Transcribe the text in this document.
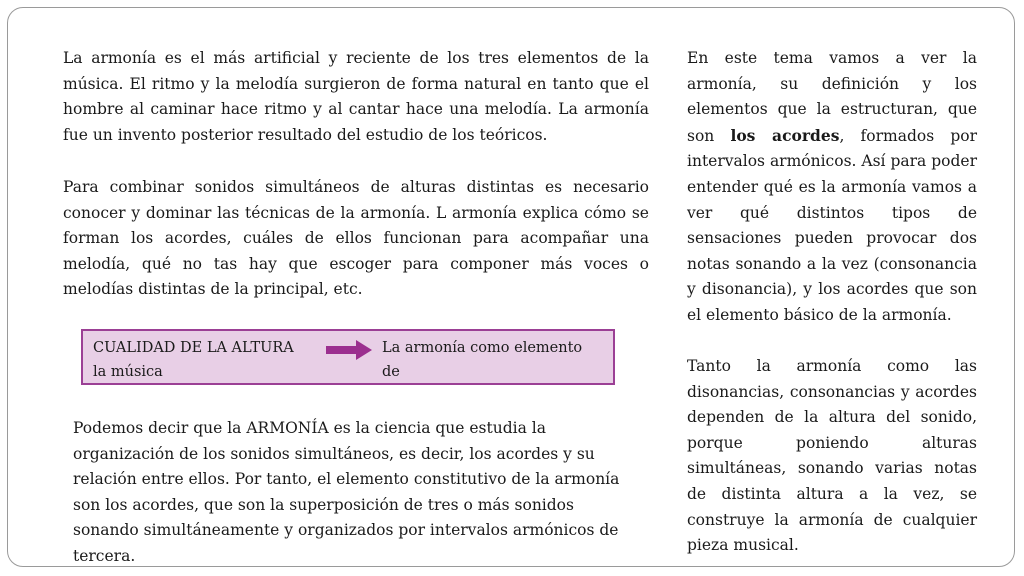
La armonía es el más artificial y reciente de los tres elementos de la música. El ritmo y la melodía surgieron de forma natural en tanto que el hombre al caminar hace ritmo y al cantar hace una melodía. La armonía fue un invento posterior resultado del estudio de los teóricos.

Para combinar sonidos simultáneos de alturas distintas es necesario conocer y dominar las técnicas de la armonía. L armonía explica cómo se forman los acordes, cuáles de ellos funcionan para acompañar una melodía, qué no tas hay que escoger para componer más voces o melodías distintas de la principal, etc.

CUALIDAD DE LA ALTURA	La armonía como elemento de
la música

Podemos decir que la ARMONÍA es la ciencia que estudia la organización de los sonidos simultáneos, es decir, los acordes y su relación entre ellos. Por tanto, el elemento constitutivo de la armonía son los acordes, que son la superposición de tres o más sonidos sonando simultáneamente y organizados por intervalos armónicos de tercera.

En este tema vamos a ver la armonía, su definición y los elementos que la estructuran, que son los acordes, formados por intervalos armónicos. Así para poder entender qué es la armonía vamos a ver qué distintos tipos de sensaciones pueden provocar dos notas sonando a la vez (consonancia y disonancia), y los acordes que son el elemento básico de la armonía.

Tanto la armonía como las disonancias, consonancias y acordes dependen de la altura del sonido, porque poniendo alturas simultáneas, sonando varias notas de distinta altura a la vez, se construye la armonía de cualquier pieza musical.
